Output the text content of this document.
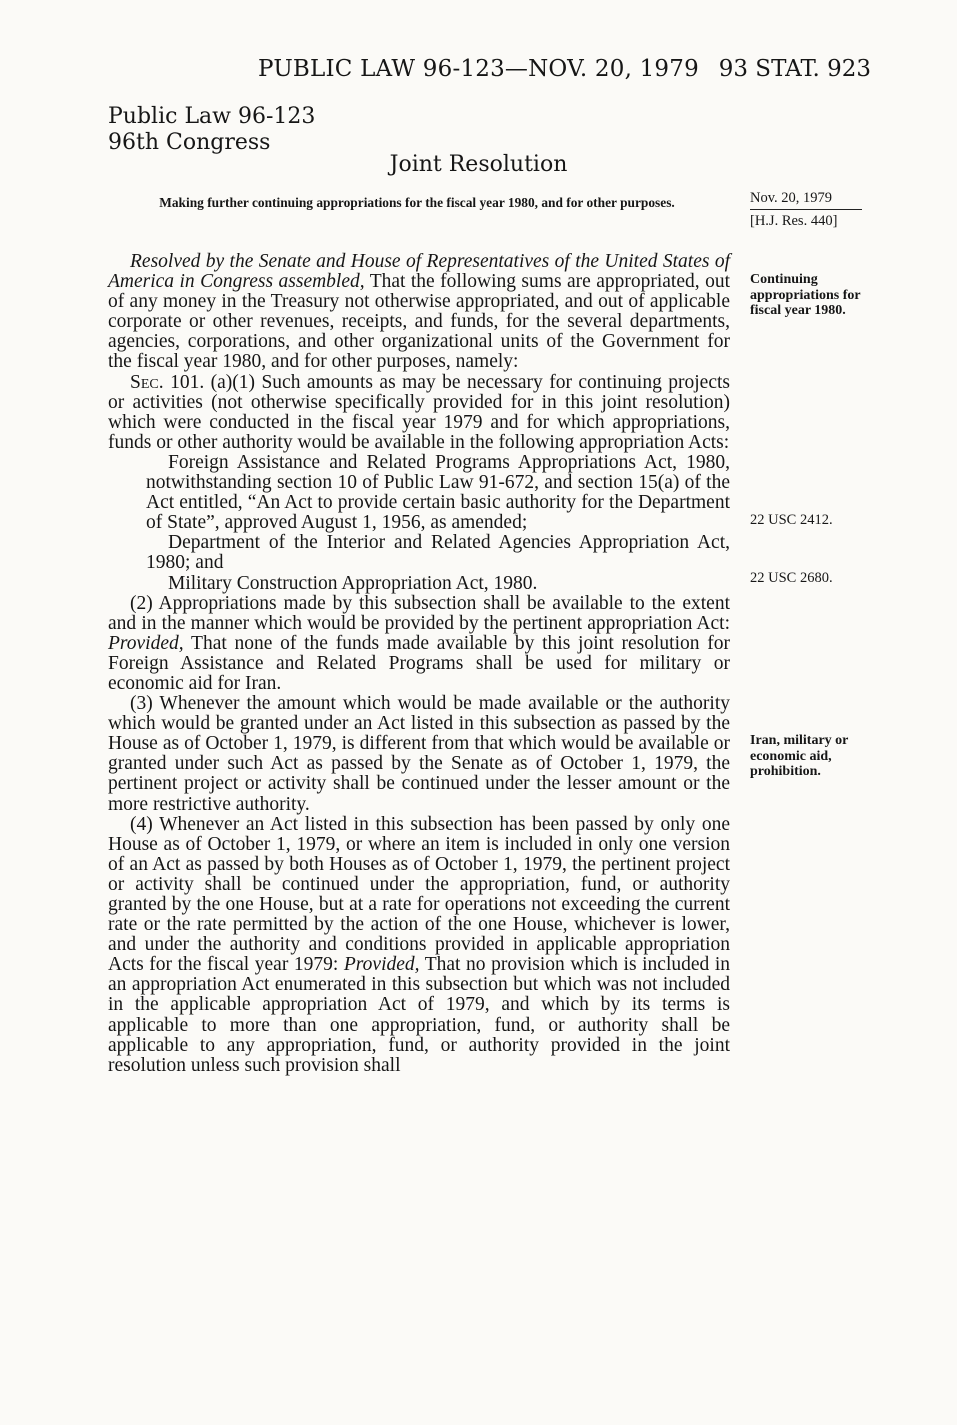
PUBLIC LAW 96-123—NOV. 20, 1979 93 STAT. 923
Public Law 96-123
96th Congress
Joint Resolution
Making further continuing appropriations for the fiscal year 1980, and for other purposes.	Nov. 20, 1979
[H.J. Res. 440]
Continuing appropriations for fiscal year 1980.
22 USC 2412.
22 USC 2680.
Iran, military or economic aid, prohibition.

Resolved by the Senate and House of Representatives of the United States of America in Congress assembled, That the following sums are appropriated, out of any money in the Treasury not otherwise appropriated, and out of applicable corporate or other revenues, receipts, and funds, for the several departments, agencies, corporations, and other organizational units of the Government for the fiscal year 1980, and for other purposes, namely:

Sec. 101. (a)(1) Such amounts as may be necessary for continuing projects or activities (not otherwise specifically provided for in this joint resolution) which were conducted in the fiscal year 1979 and for which appropriations, funds or other authority would be available in the following appropriation Acts:

Foreign Assistance and Related Programs Appropriations Act, 1980, notwithstanding section 10 of Public Law 91-672, and section 15(a) of the Act entitled, “An Act to provide certain basic authority for the Department of State”, approved August 1, 1956, as amended;

Department of the Interior and Related Agencies Appropriation Act, 1980; and

Military Construction Appropriation Act, 1980.

(2) Appropriations made by this subsection shall be available to the extent and in the manner which would be provided by the pertinent appropriation Act: Provided, That none of the funds made available by this joint resolution for Foreign Assistance and Related Programs shall be used for military or economic aid for Iran.

(3) Whenever the amount which would be made available or the authority which would be granted under an Act listed in this subsection as passed by the House as of October 1, 1979, is different from that which would be available or granted under such Act as passed by the Senate as of October 1, 1979, the pertinent project or activity shall be continued under the lesser amount or the more restrictive authority.

(4) Whenever an Act listed in this subsection has been passed by only one House as of October 1, 1979, or where an item is included in only one version of an Act as passed by both Houses as of October 1, 1979, the pertinent project or activity shall be continued under the appropriation, fund, or authority granted by the one House, but at a rate for operations not exceeding the current rate or the rate permitted by the action of the one House, whichever is lower, and under the authority and conditions provided in applicable appropriation Acts for the fiscal year 1979: Provided, That no provision which is included in an appropriation Act enumerated in this subsection but which was not included in the applicable appropriation Act of 1979, and which by its terms is applicable to more than one appropriation, fund, or authority shall be applicable to any appropriation, fund, or authority provided in the joint resolution unless such provision shall
